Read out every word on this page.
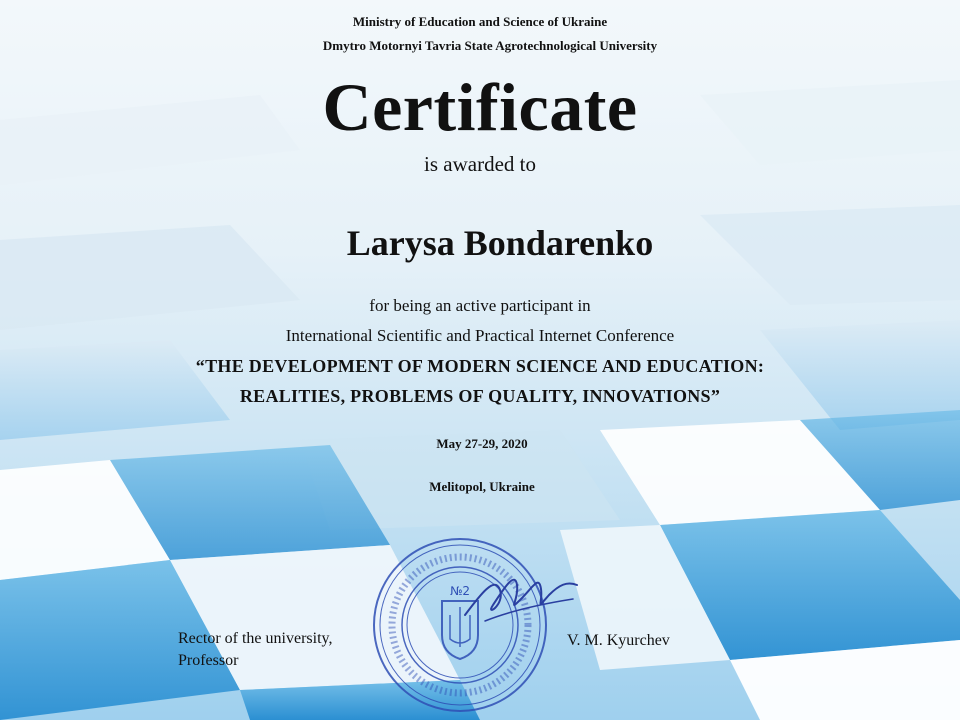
Ministry of Education and Science of Ukraine
Dmytro Motornyi Tavria State Agrotechnological University
Certificate
is awarded to
Larysa Bondarenko
for being an active participant in
International Scientific and Practical Internet Conference
“THE DEVELOPMENT OF MODERN SCIENCE AND EDUCATION:
REALITIES, PROBLEMS OF QUALITY, INNOVATIONS”
May 27-29, 2020
Melitopol, Ukraine
№2
Rector of the university,
Professor
V. M. Kyurchev
